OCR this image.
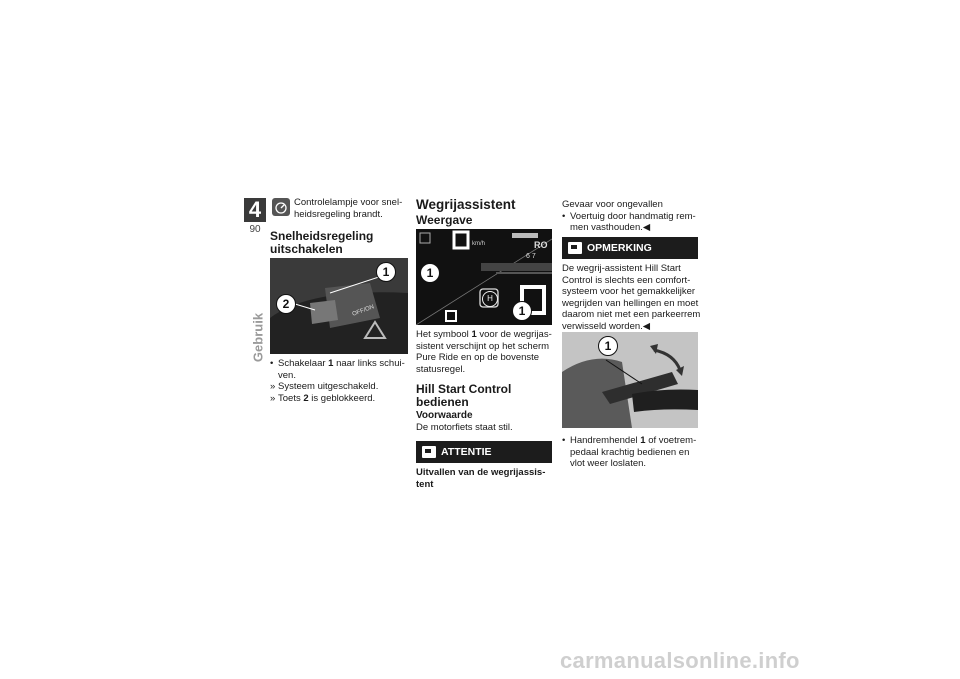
4
90
Gebruik
Controlelampje voor snel-
heidsregeling brandt.
Snelheidsregeling
uitschakelen
OFF/ON
1
2
• Schakelaar 1 naar links schui-
ven.
» Systeem uitgeschakeld.
» Toets 2 is geblokkeerd.
Wegrijassistent
Weergave
km/h	RO
6 7
H
1
1
Het symbool 1 voor de wegrijas-
sistent verschijnt op het scherm
Pure Ride en op de bovenste
statusregel.
Hill Start Control
bedienen
Voorwaarde
De motorfiets staat stil.
ATTENTIE
Uitvallen van de wegrijassis-
tent
Gevaar voor ongevallen
• Voertuig door handmatig rem-
men vasthouden.◀
OPMERKING
De wegrij-assistent Hill Start
Control is slechts een comfort-
systeem voor het gemakkelijker
wegrijden van hellingen en moet
daarom niet met een parkeerrem
verwisseld worden.◀
1
• Handremhendel 1 of voetrem-
pedaal krachtig bedienen en
vlot weer loslaten.
carmanualsonline.info
